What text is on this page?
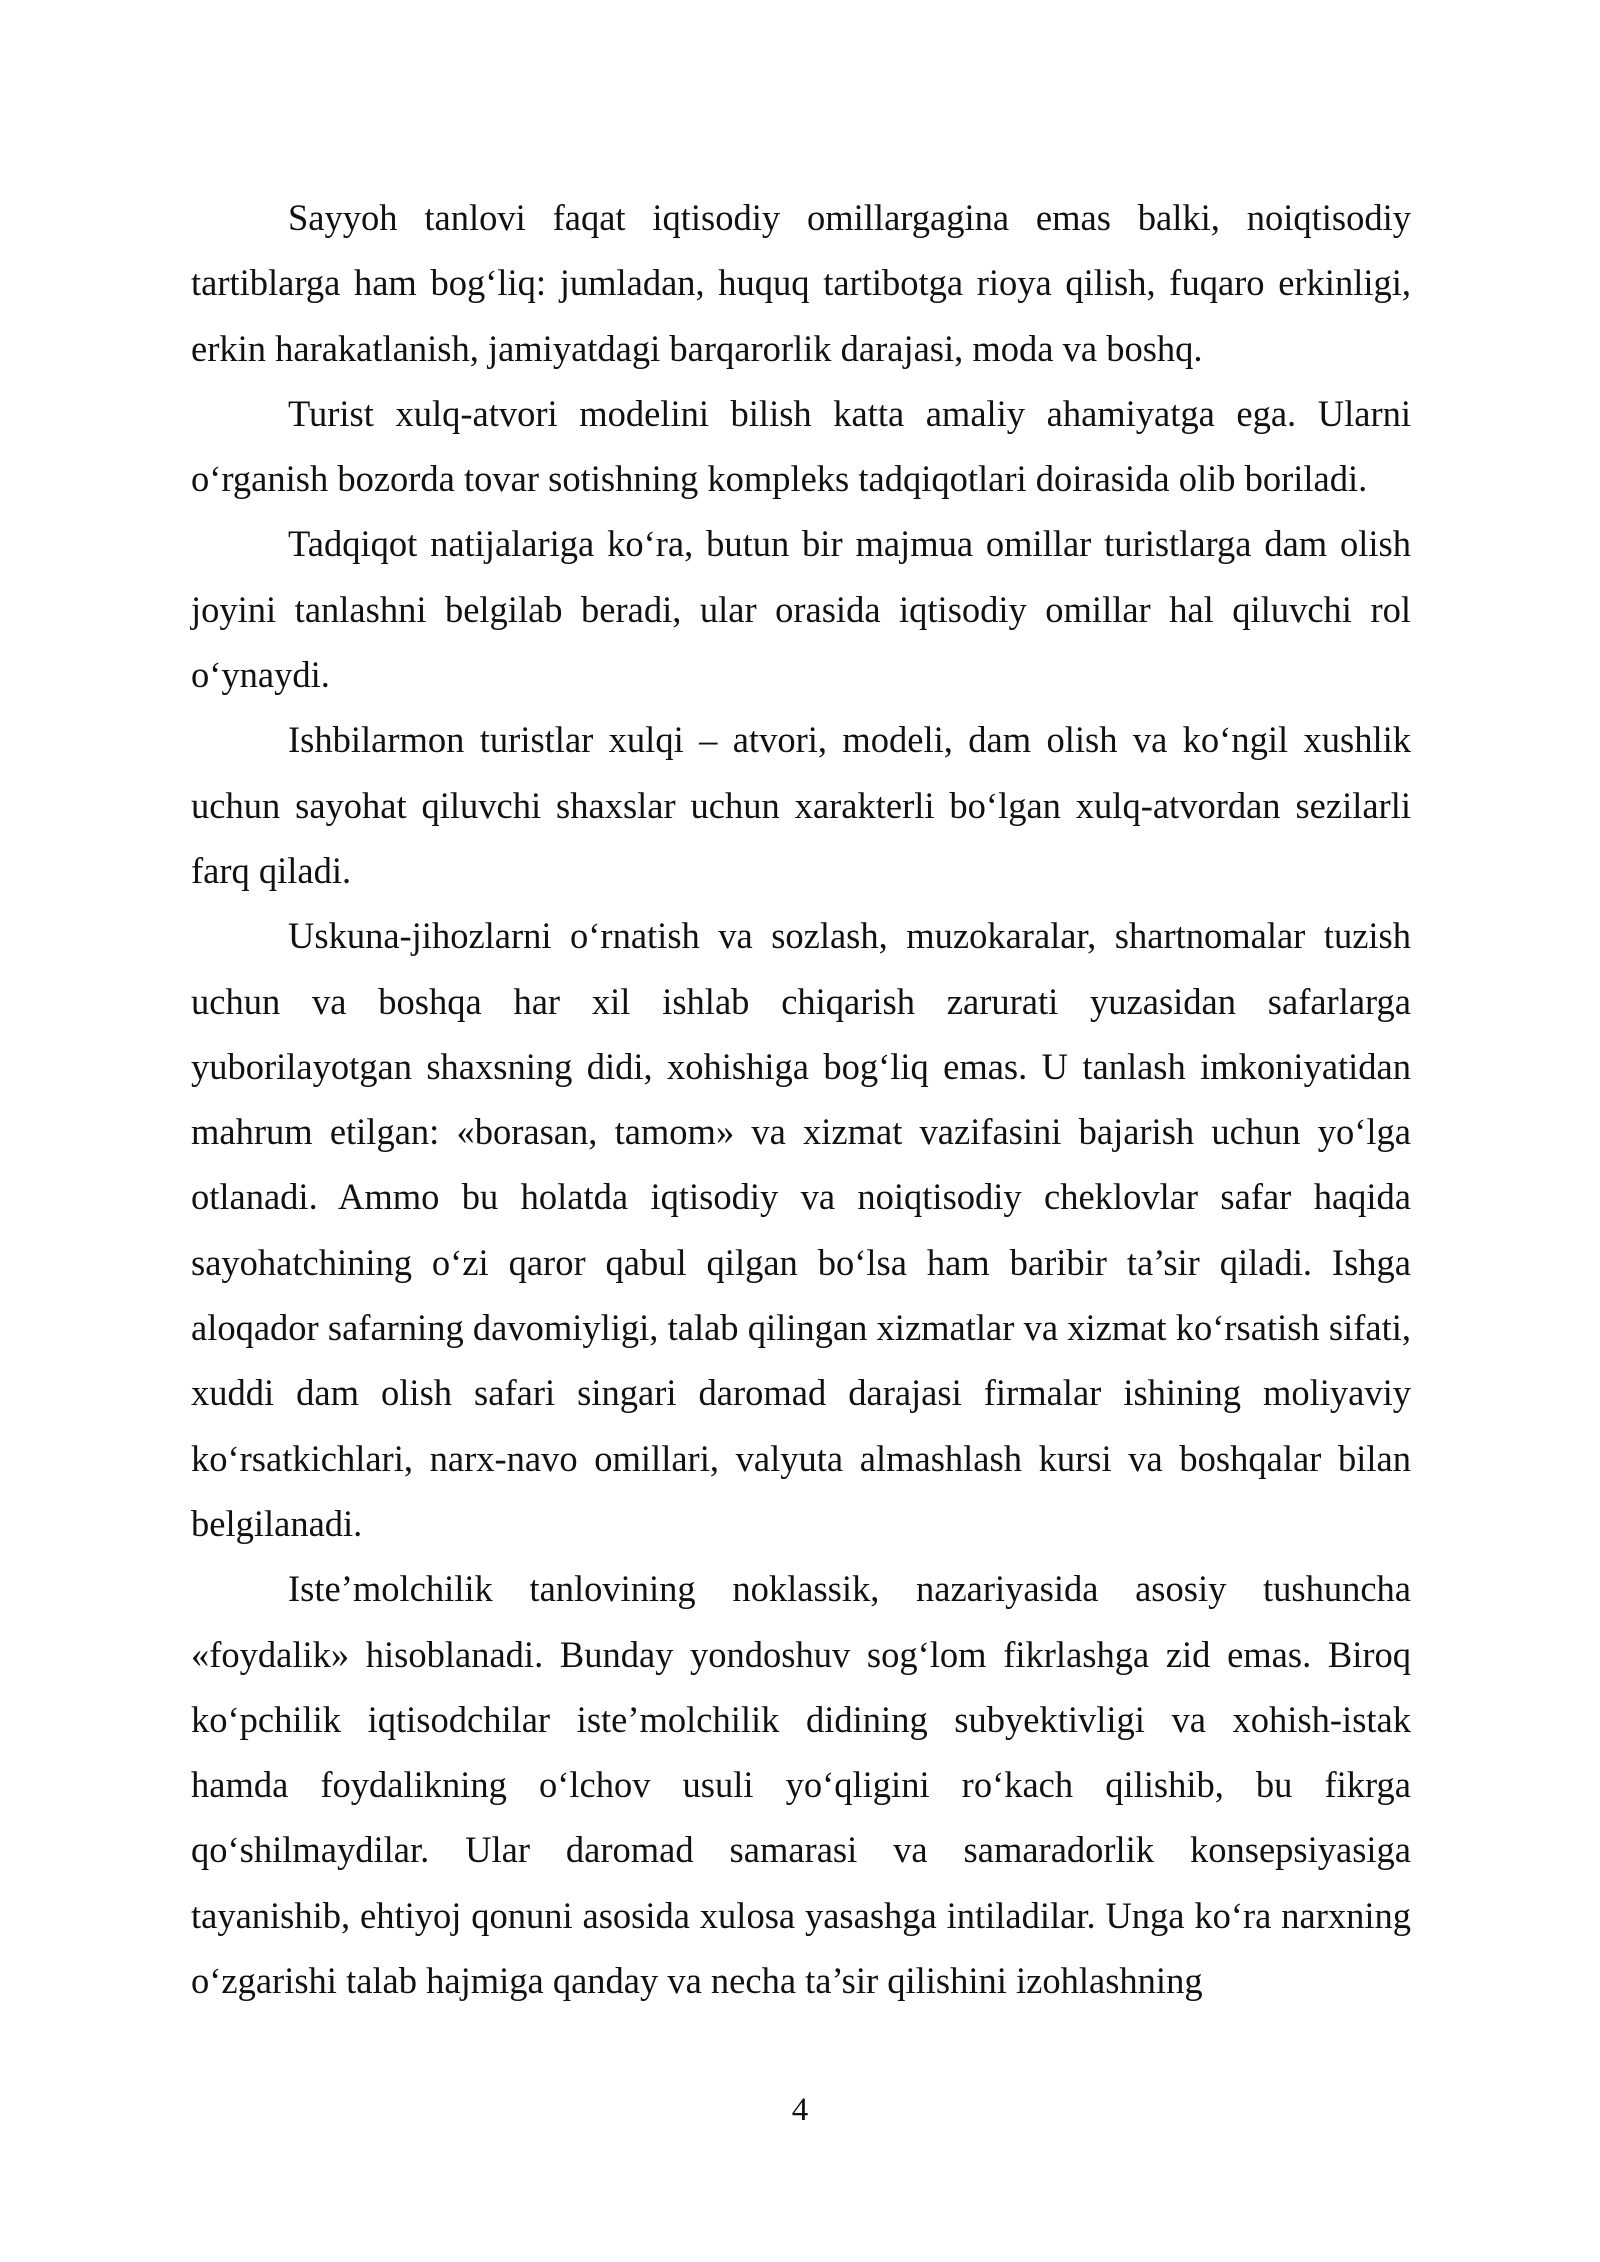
Sayyoh tanlovi faqat iqtisodiy omillargagina emas balki, noiqtisodiy tartiblarga ham bog‘liq: jumladan, huquq tartibotga rioya qilish, fuqaro erkinligi, erkin harakatlanish, jamiyatdagi barqarorlik darajasi, moda va boshq.

Turist xulq-atvori modelini bilish katta amaliy ahamiyatga ega. Ularni o‘rganish bozorda tovar sotishning kompleks tadqiqotlari doirasida olib boriladi.

Tadqiqot natijalariga ko‘ra, butun bir majmua omillar turistlarga dam olish joyini tanlashni belgilab beradi, ular orasida iqtisodiy omillar hal qiluvchi rol o‘ynaydi.

Ishbilarmon turistlar xulqi – atvori, modeli, dam olish va ko‘ngil xushlik uchun sayohat qiluvchi shaxslar uchun xarakterli bo‘lgan xulq-atvordan sezilarli farq qiladi.

Uskuna-jihozlarni o‘rnatish va sozlash, muzokaralar, shartnomalar tuzish uchun va boshqa har xil ishlab chiqarish zarurati yuzasidan safarlarga yuborilayotgan shaxsning didi, xohishiga bog‘liq emas. U tanlash imkoniyatidan mahrum etilgan: «borasan, tamom» va xizmat vazifasini bajarish uchun yo‘lga otlanadi. Ammo bu holatda iqtisodiy va noiqtisodiy cheklovlar safar haqida sayohatchining o‘zi qaror qabul qilgan bo‘lsa ham baribir ta’sir qiladi. Ishga aloqador safarning davomiyligi, talab qilingan xizmatlar va xizmat ko‘rsatish sifati, xuddi dam olish safari singari daromad darajasi firmalar ishining moliyaviy ko‘rsatkichlari, narx-navo omillari, valyuta almashlash kursi va boshqalar bilan belgilanadi.

Iste’molchilik tanlovining noklassik, nazariyasida asosiy tushuncha «foydalik» hisoblanadi. Bunday yondoshuv sog‘lom fikrlashga zid emas. Biroq ko‘pchilik iqtisodchilar iste’molchilik didining subyektivligi va xohish-istak hamda foydalikning o‘lchov usuli yo‘qligini ro‘kach qilishib, bu fikrga qo‘shilmaydilar. Ular daromad samarasi va samaradorlik konsepsiyasiga tayanishib, ehtiyoj qonuni asosida xulosa yasashga intiladilar. Unga ko‘ra narxning o‘zgarishi talab hajmiga qanday va necha ta’sir qilishini izohlashning

4
